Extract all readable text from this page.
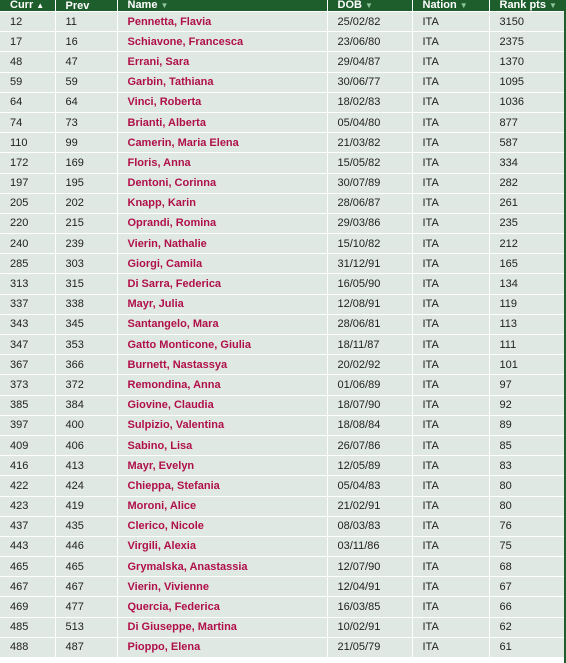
Curr ▲	Prev	Name ▼	DOB ▼	Nation ▼	Rank pts ▼
12	11	Pennetta, Flavia	25/02/82	ITA	3150
17	16	Schiavone, Francesca	23/06/80	ITA	2375
48	47	Errani, Sara	29/04/87	ITA	1370
59	59	Garbin, Tathiana	30/06/77	ITA	1095
64	64	Vinci, Roberta	18/02/83	ITA	1036
74	73	Brianti, Alberta	05/04/80	ITA	877
110	99	Camerin, Maria Elena	21/03/82	ITA	587
172	169	Floris, Anna	15/05/82	ITA	334
197	195	Dentoni, Corinna	30/07/89	ITA	282
205	202	Knapp, Karin	28/06/87	ITA	261
220	215	Oprandi, Romina	29/03/86	ITA	235
240	239	Vierin, Nathalie	15/10/82	ITA	212
285	303	Giorgi, Camila	31/12/91	ITA	165
313	315	Di Sarra, Federica	16/05/90	ITA	134
337	338	Mayr, Julia	12/08/91	ITA	119
343	345	Santangelo, Mara	28/06/81	ITA	113
347	353	Gatto Monticone, Giulia	18/11/87	ITA	111
367	366	Burnett, Nastassya	20/02/92	ITA	101
373	372	Remondina, Anna	01/06/89	ITA	97
385	384	Giovine, Claudia	18/07/90	ITA	92
397	400	Sulpizio, Valentina	18/08/84	ITA	89
409	406	Sabino, Lisa	26/07/86	ITA	85
416	413	Mayr, Evelyn	12/05/89	ITA	83
422	424	Chieppa, Stefania	05/04/83	ITA	80
423	419	Moroni, Alice	21/02/91	ITA	80
437	435	Clerico, Nicole	08/03/83	ITA	76
443	446	Virgili, Alexia	03/11/86	ITA	75
465	465	Grymalska, Anastassia	12/07/90	ITA	68
467	467	Vierin, Vivienne	12/04/91	ITA	67
469	477	Quercia, Federica	16/03/85	ITA	66
485	513	Di Giuseppe, Martina	10/02/91	ITA	62
488	487	Pioppo, Elena	21/05/79	ITA	61
